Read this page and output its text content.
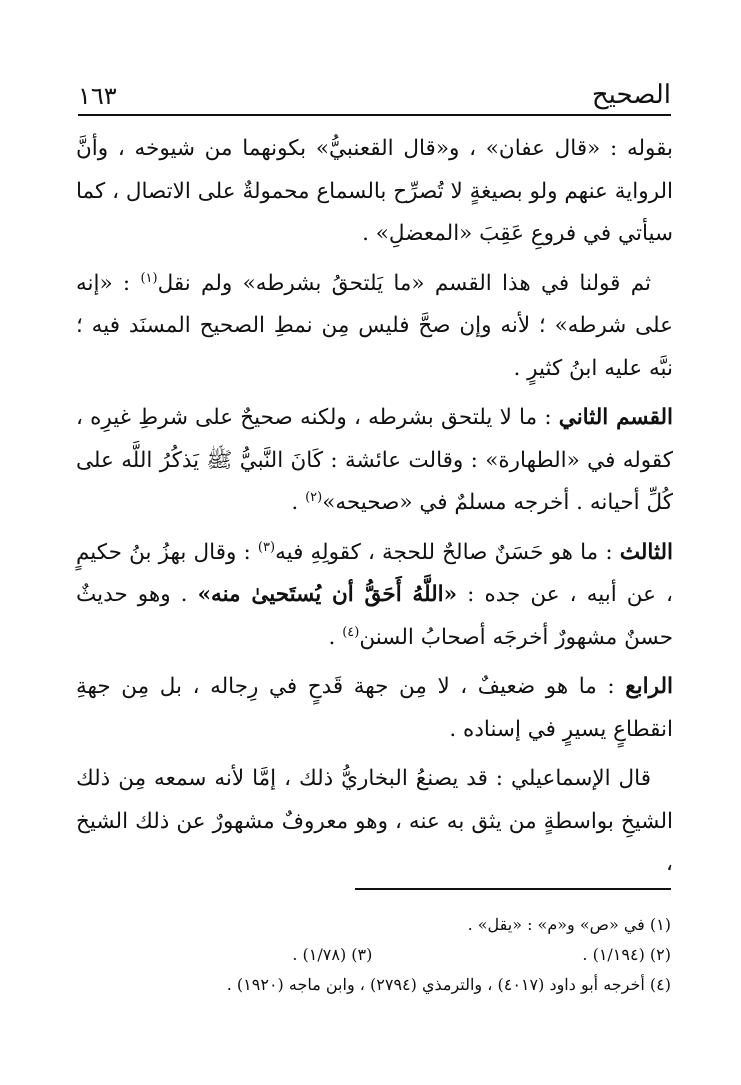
١٦٣	الصحيح

بقوله : «قال عفان» ، و«قال القعنبيُّ» بكونهما من شيوخه ، وأنَّ الرواية عنهم ولو بصيغةٍ لا تُصرِّح بالسماع محمولةٌ على الاتصال ، كما سيأتي في فروعِ عَقِبَ «المعضلِ» .

ثم قولنا في هذا القسم «ما يَلتحقُ بشرطه» ولم نقل$^{(١)}$ : «إنه على شرطه» ؛ لأنه وإن صحَّ فليس مِن نمطِ الصحيح المسنَد فيه ؛ نبَّه عليه ابنُ كثيرٍ .

القسم الثاني : ما لا يلتحق بشرطه ، ولكنه صحيحٌ على شرطِ غيرِه ، كقوله في «الطهارة» : وقالت عائشة : كَانَ النَّبيُّ ﷺ يَذكُرُ اللَّه على كُلِّ أحيانه . أخرجه مسلمٌ في «صحيحه»$^{(٢)}$ .

الثالث : ما هو حَسَنٌ صالحٌ للحجة ، كقولِهِ فيه$^{(٣)}$ : وقال بهزُ بنُ حكيمٍ ، عن أبيه ، عن جده : «اللَّهُ أَحَقُّ أن يُستَحيىٰ منه» . وهو حديثٌ حسنٌ مشهورٌ أخرجَه أصحابُ السنن$^{(٤)}$ .

الرابع : ما هو ضعيفٌ ، لا مِن جهة قَدحٍ في رِجاله ، بل مِن جهةِ انقطاعٍ يسيرٍ في إسناده .

قال الإسماعيلي : قد يصنعُ البخاريُّ ذلك ، إمَّا لأنه سمعه مِن ذلك الشيخِ بواسطةٍ من يثق به عنه ، وهو معروفٌ مشهورٌ عن ذلك الشيخ ،

(١) في «ص» و«م» : «يقل» .
(٢) (١/١٩٤) .
(٣) (١/٧٨) .
(٤) أخرجه أبو داود (٤٠١٧) ، والترمذي (٢٧٩٤) ، وابن ماجه (١٩٢٠) .
